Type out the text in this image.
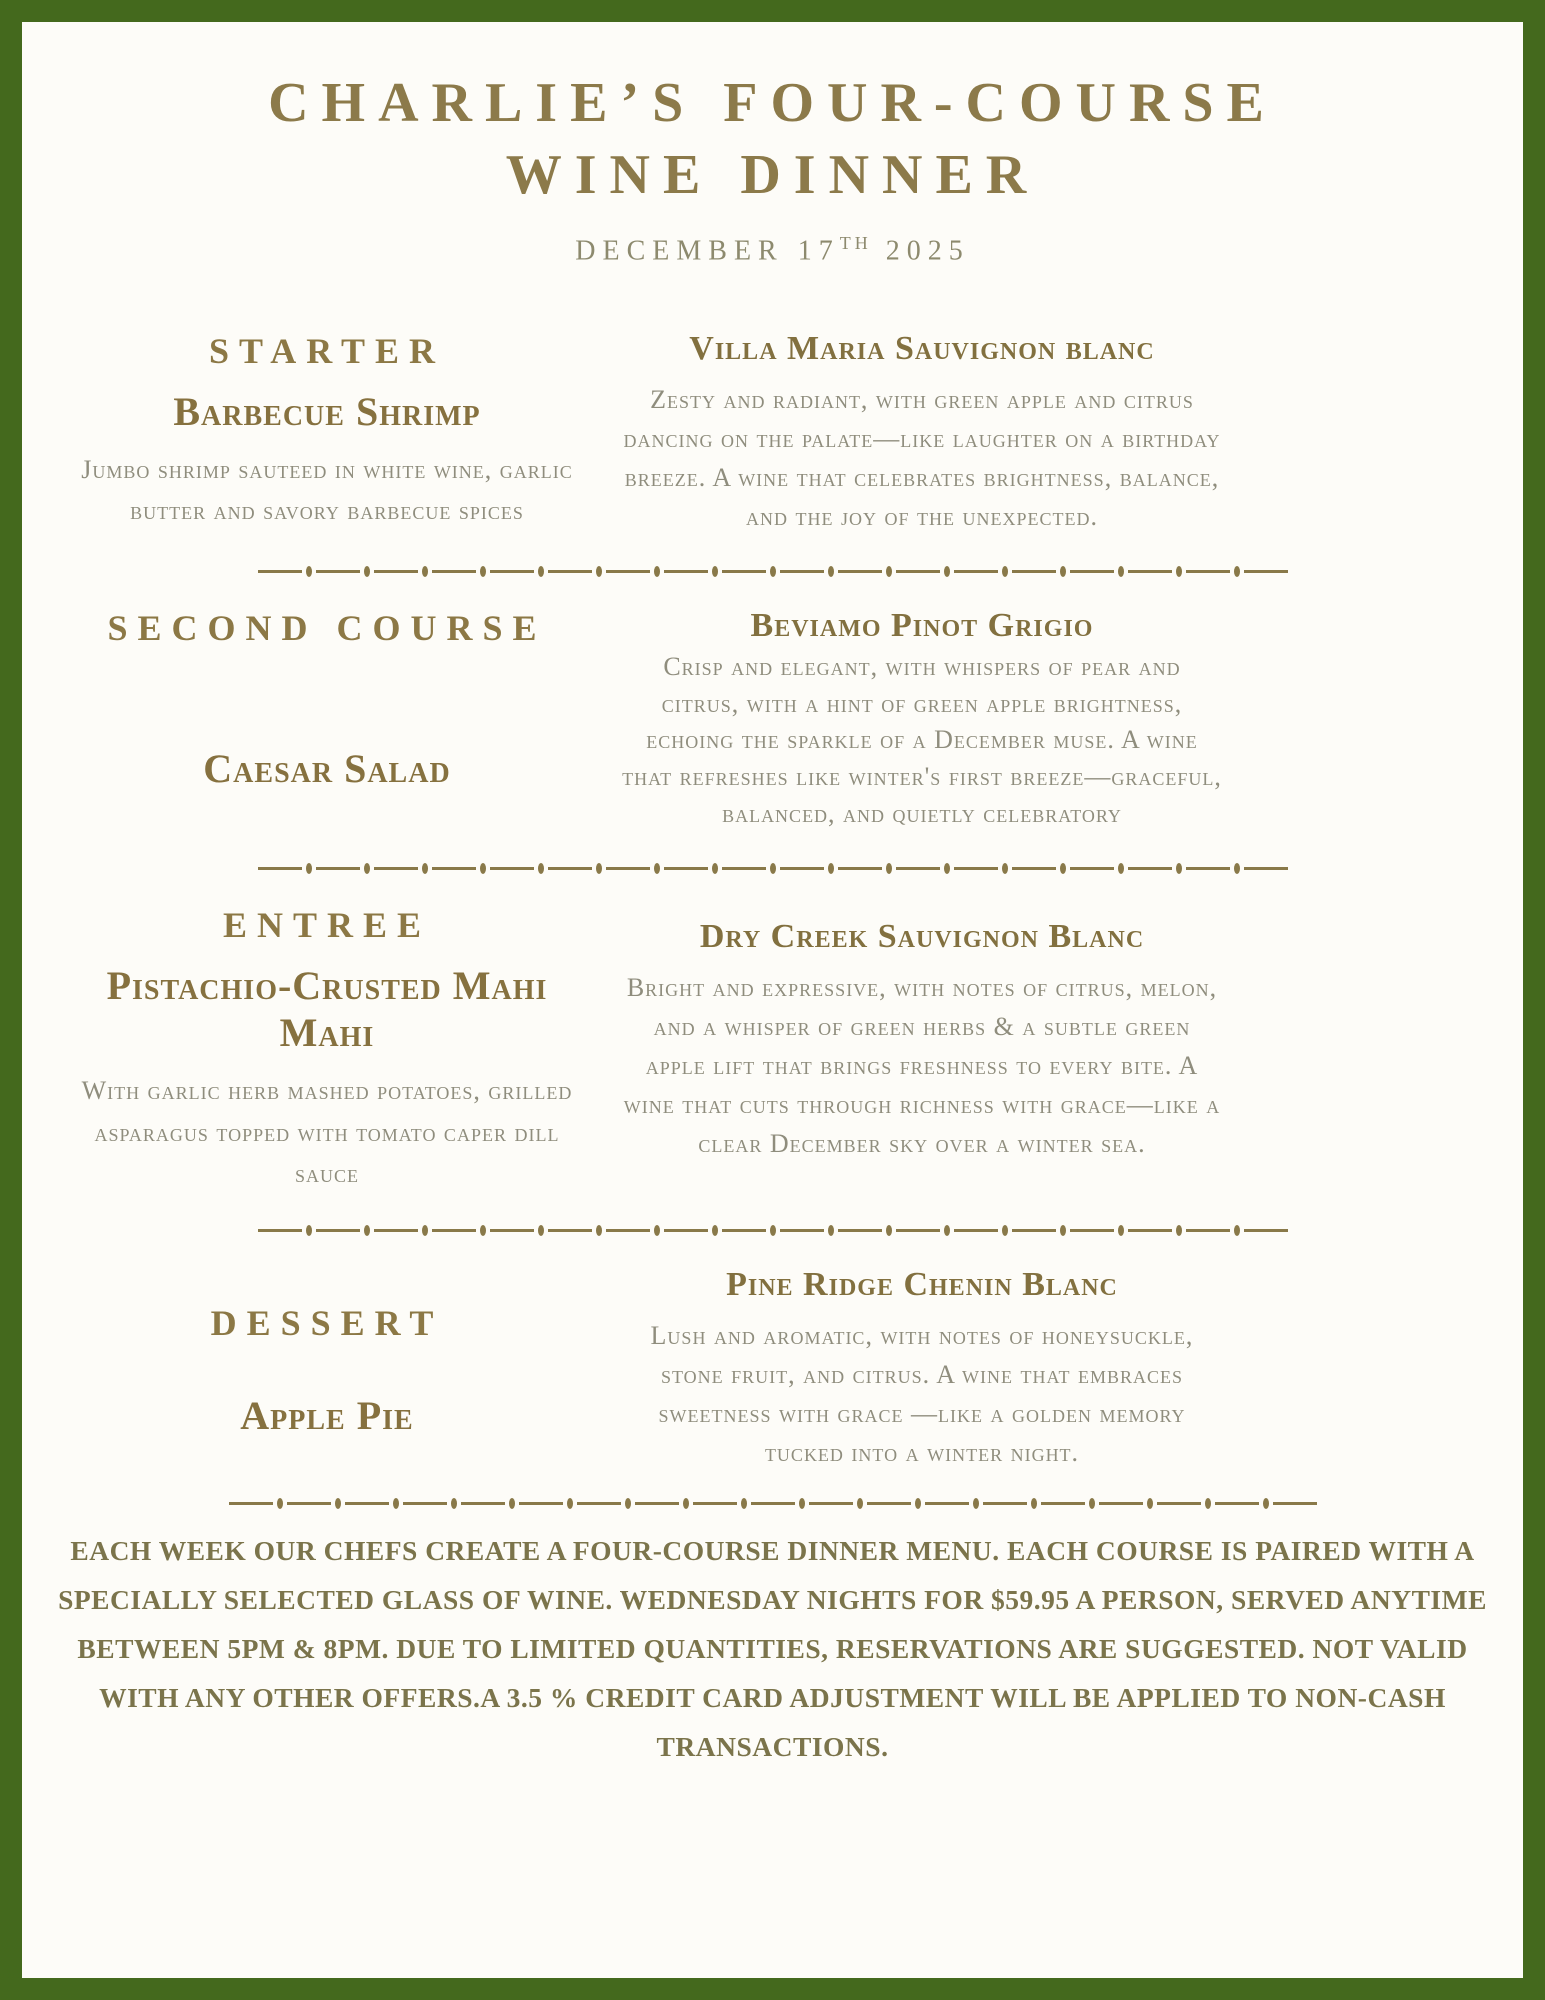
CHARLIE’S FOUR-COURSE
WINE DINNER
DECEMBER 17TH 2025
STARTER
Barbecue Shrimp

Jumbo shrimp sauteed in white wine, garlic butter and savory barbecue spices

Villa Maria Sauvignon blanc

Zesty and radiant, with green apple and citrus dancing on the palate—like laughter on a birthday breeze. A wine that celebrates brightness, balance, and the joy of the unexpected.

SECOND COURSE
Caesar Salad
Beviamo Pinot Grigio

Crisp and elegant, with whispers of pear and citrus, with a hint of green apple brightness, echoing the sparkle of a December muse. A wine that refreshes like winter's first breeze—graceful, balanced, and quietly celebratory

ENTREE
Pistachio-Crusted Mahi Mahi

With garlic herb mashed potatoes, grilled asparagus topped with tomato caper dill sauce

Dry Creek Sauvignon Blanc

Bright and expressive, with notes of citrus, melon, and a whisper of green herbs & a subtle green apple lift that brings freshness to every bite. A wine that cuts through richness with grace—like a clear December sky over a winter sea.

DESSERT
Apple Pie
Pine Ridge Chenin Blanc

Lush and aromatic, with notes of honeysuckle, stone fruit, and citrus. A wine that embraces sweetness with grace —like a golden memory tucked into a winter night.

EACH WEEK OUR CHEFS CREATE A FOUR-COURSE DINNER MENU. EACH COURSE IS PAIRED WITH A SPECIALLY SELECTED GLASS OF WINE. WEDNESDAY NIGHTS FOR $59.95 A PERSON, SERVED ANYTIME BETWEEN 5PM & 8PM. DUE TO LIMITED QUANTITIES, RESERVATIONS ARE SUGGESTED. NOT VALID WITH ANY OTHER OFFERS.A 3.5 % CREDIT CARD ADJUSTMENT WILL BE APPLIED TO NON-CASH TRANSACTIONS.
